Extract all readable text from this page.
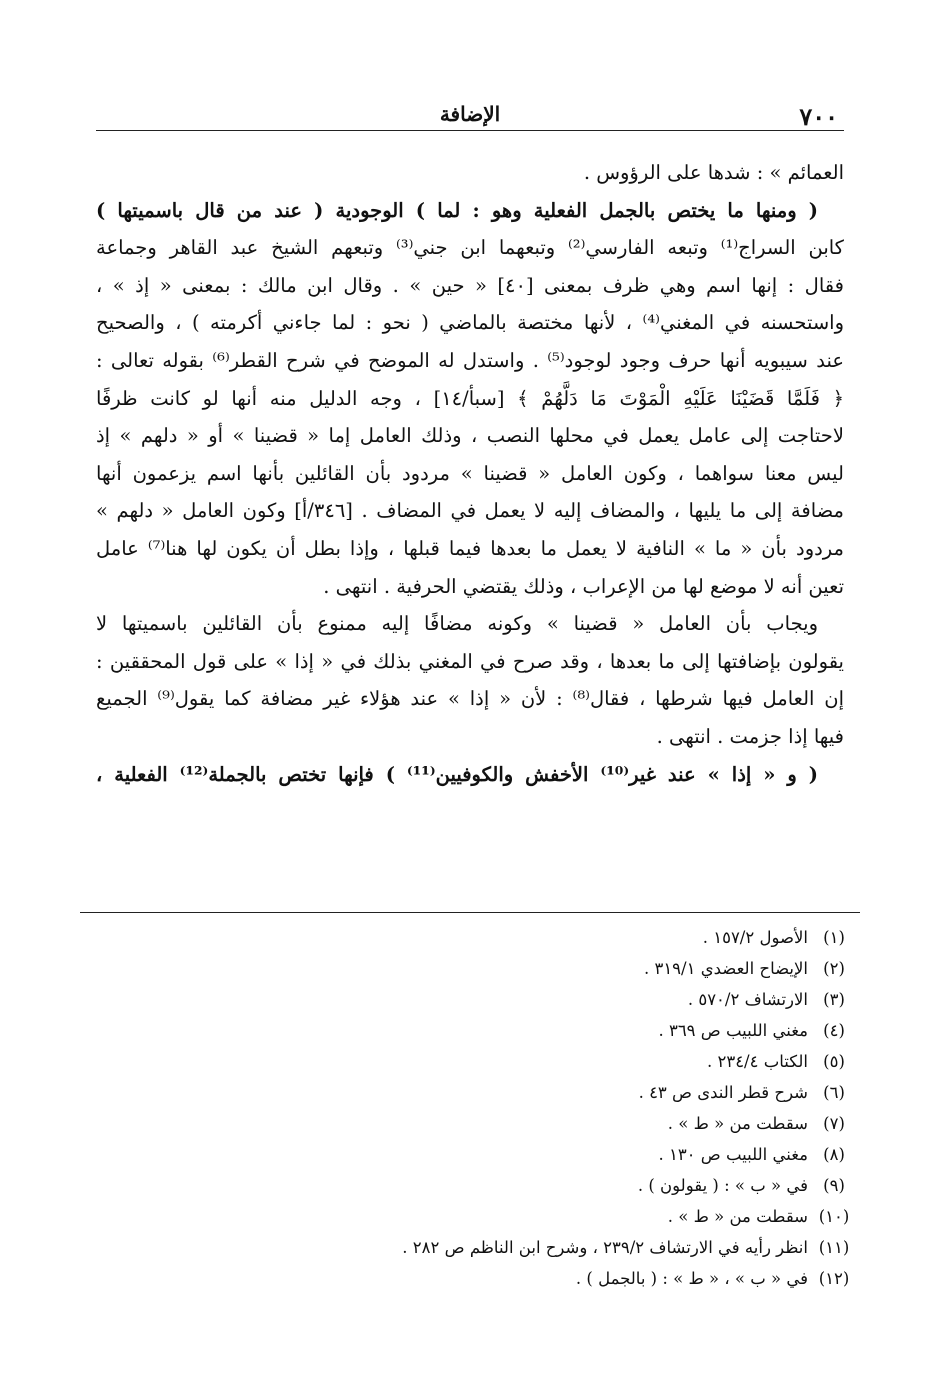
٧٠٠
الإضافة
العمائم » : شدها على الرؤوس .
( ومنها ما يختص بالجمل الفعلية وهو : لما ) الوجودية ( عند من قال باسميتها )
كابن السراج⁽¹⁾ وتبعه الفارسي⁽²⁾ وتبعهما ابن جني⁽³⁾ وتبعهم الشيخ عبد القاهر وجماعة
فقال : إنها اسم وهي ظرف بمعنى [٤٠] « حين » . وقال ابن مالك : بمعنى « إذ » ،
واستحسنه في المغني⁽⁴⁾ ، لأنها مختصة بالماضي ( نحو : لما جاءني أكرمته ) ، والصحيح
عند سيبويه أنها حرف وجود لوجود⁽⁵⁾ . واستدل له الموضح في شرح القطر⁽⁶⁾ بقوله تعالى :
﴿ فَلَمَّا قَضَيْنَا عَلَيْهِ الْمَوْتَ مَا دَلَّهُمْ ﴾ [سبأ/١٤] ، وجه الدليل منه أنها لو كانت ظرفًا
لاحتاجت إلى عامل يعمل في محلها النصب ، وذلك العامل إما « قضينا » أو « دلهم » إذ
ليس معنا سواهما ، وكون العامل « قضينا » مردود بأن القائلين بأنها اسم يزعمون أنها
مضافة إلى ما يليها ، والمضاف إليه لا يعمل في المضاف . [٣٤٦/أ] وكون العامل « دلهم »
مردود بأن « ما » النافية لا يعمل ما بعدها فيما قبلها ، وإذا بطل أن يكون لها هنا⁽⁷⁾ عامل
تعين أنه لا موضع لها من الإعراب ، وذلك يقتضي الحرفية . انتهى .
ويجاب بأن العامل « قضينا » وكونه مضافًا إليه ممنوع بأن القائلين باسميتها لا
يقولون بإضافتها إلى ما بعدها ، وقد صرح في المغني بذلك في « إذا » على قول المحققين :
إن العامل فيها شرطها ، فقال⁽⁸⁾ : لأن « إذا » عند هؤلاء غير مضافة كما يقول⁽⁹⁾ الجميع
فيها إذا جزمت . انتهى .
( و « إذا » عند غير⁽¹⁰⁾ الأخفش والكوفيين⁽¹¹⁾ ) فإنها تختص بالجملة⁽¹²⁾ الفعلية ،
(١)الأصول ١٥٧/٢ .
(٢)الإيضاح العضدي ٣١٩/١ .
(٣)الارتشاف ٥٧٠/٢ .
(٤)مغني اللبيب ص ٣٦٩ .
(٥)الكتاب ٢٣٤/٤ .
(٦)شرح قطر الندى ص ٤٣ .
(٧)سقطت من « ط » .
(٨)مغني اللبيب ص ١٣٠ .
(٩)في « ب » : ( يقولون ) .
(١٠)سقطت من « ط » .
(١١)انظر رأيه في الارتشاف ٢٣٩/٢ ، وشرح ابن الناظم ص ٢٨٢ .
(١٢)في « ب » ، « ط » : ( بالجمل ) .
